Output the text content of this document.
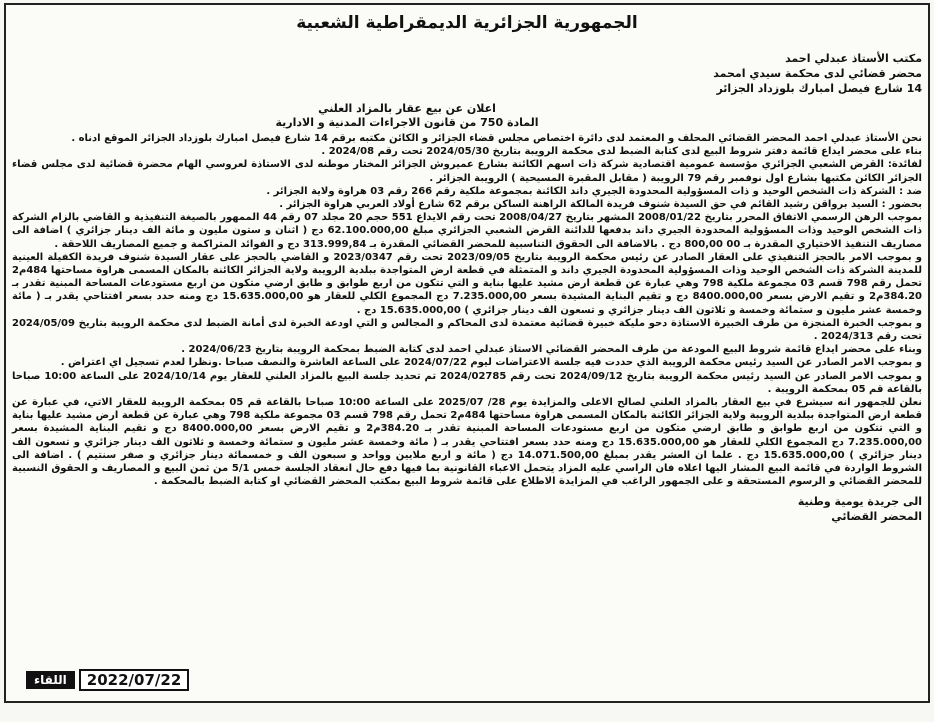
الجمهورية الجزائرية الديمقراطية الشعبية
مكتب الأستاذ عبدلي احمد
محضر قضائي لدى محكمة سيدي امحمد
14 شارع فيصل امبارك بلوزداد الجزائر
اعلان عن بيع عقار بالمزاد العلني
المادة 750 من قانون الاجراءات المدنية و الادارية

نحن الأستاذ عبدلي احمد المحضر القضائي المحلف و المعتمد لدى دائرة اختصاص مجلس قضاء الجزائر و الكائن مكتبه برقم 14 شارع فيصل امبارك بلوزداد الجزائر الموقع ادناه .

بناء على محضر ايداع قائمة دفتر شروط البيع لدى كتابة الضبط لدى محكمة الرويبة بتاريخ 2024/05/30 تحت رقم 2024/08 .

لفائدة: القرض الشعبي الجزائري مؤسسة عمومية اقتصادية شركة ذات اسهم الكائنة بشارع عميروش الجزائر المختار موطنه لدى الاستاذة لعروسي الهام محضرة قضائية لدى مجلس قضاء الجزائر الكائن مكتبها بشارع اول نوفمبر رقم 79 الرويبة ( مقابل المقبرة المسيحية ) الرويبة الجزائر .

ضد : الشركة ذات الشخص الوحيد و ذات المسؤولية المحدودة الجيري داند الكائنة بمجموعة ملكية رقم 266 رقم 03 هراوة ولاية الجزائر .

بحضور : السيد برواقن رشيد القائم في حق السيدة شنوف فريدة المالكة الراهنة الساكن برقم 62 شارع أولاد العربي هراوة الجزائر .

بموجب الرهن الرسمي الاتفاق المحرر بتاريخ 2008/01/22 المشهر بتاريخ 2008/04/27 تحت رقم الايداع 551 حجم 20 مجلد 07 رقم 44 الممهور بالصيغة التنفيذية و القاضي بالزام الشركة ذات الشخص الوحيد وذات المسؤولية المحدودة الجيري داند بدفعها للدائنة القرض الشعبي الجزائري مبلغ 62.100.000,00 دج ( اثنان و ستون مليون و مائة الف دينار جزائري ) اضافة الى مصاريف التنفيذ الاختياري المقدرة بـ 00 800,00 دج . بالاضافة الى الحقوق التناسبية للمحضر القضائي المقدرة بـ 313.999,84 دج و الفوائد المتراكمة و جميع المصاريف اللاحقة .

و بموجب الامر بالحجز التنفيذي على العقار الصادر عن رئيس محكمة الرويبة بتاريخ 2023/09/05 تحت رقم 2023/0347 و القاضي بالحجز على عقار السيدة شنوف فريدة الكفيلة العينية للمدينة الشركة ذات الشخص الوحيد وذات المسؤولية المحدودة الجيري داند و المتمثلة في قطعة ارض المتواجدة ببلدية الرويبة ولاية الجزائر الكائنة بالمكان المسمى هراوة مساحتها 484م2 تحمل رقم 798 قسم 03 مجموعة ملكية 798 وهي عبارة عن قطعة ارض مشيد عليها بناية و التي تتكون من اربع طوابق و طابق ارضي متكون من اربع مستودعات المساحة المبنية تقدر بـ 384.20م2 و تقيم الارض بسعر 8400.000,00 دج و تقيم البناية المشيدة بسعر 7.235.000,00 دج المجموع الكلي للعقار هو 15.635.000,00 دج ومنه حدد بسعر افتتاحي يقدر بـ ( مائة وخمسة عشر مليون و ستمائة وخمسة و ثلاثون الف دينار جزائري و تسعون الف دينار جزائري ) 15.635.000,00 دج .

و بموجب الخبرة المنجزة من طرف الخبيرة الاستاذة دحو مليكة خبيرة قضائية معتمدة لدى المحاكم و المجالس و التي اودعة الخبرة لدى أمانة الضبط لدى محكمة الرويبة بتاريخ 2024/05/09 تحت رقم 2024/313 .

وبناء على محضر ايداع قائمة شروط البيع المودعة من طرف المحضر القضائي الاستاذ عبدلي احمد لدى كتابة الضبط بمحكمة الرويبة بتاريخ 2024/06/23 .

و بموجب الامر الصادر عن السيد رئيس محكمة الرويبة الذي حددت فيه جلسة الاعتراضات ليوم 2024/07/22 على الساعة العاشرة والنصف صباحا .ونظرا لعدم تسجيل اي اعتراض .

و بموجب الامر الصادر عن السيد رئيس محكمة الرويبة بتاريخ 2024/09/12 تحت رقم 2024/02785 تم تحديد جلسة البيع بالمزاد العلني للعقار يوم 2024/10/14 على الساعة 10:00 صباحا بالقاعة قم 05 بمحكمة الرويبة .

نعلن للجمهور انه سيشرع في بيع العقار بالمزاد العلني لصالح الاعلى والمزايدة يوم 28/ 2025/07 على الساعة 10:00 صباحا بالقاعة قم 05 بمحكمة الرويبة للعقار الاتي، في عبارة عن قطعة ارض المتواجدة ببلدية الرويبة ولاية الجزائر الكائنة بالمكان المسمى هراوة مساحتها 484م2 تحمل رقم 798 قسم 03 مجموعة ملكية 798 وهي عبارة عن قطعة ارض مشيد عليها بناية و التي تتكون من اربع طوابق و طابق ارضي متكون من اربع مستودعات المساحة المبنية تقدر بـ 384.20م2 و تقيم الارض بسعر 8400.000,00 دج و تقيم البناية المشيدة بسعر 7.235.000,00 دج المجموع الكلي للعقار هو 15.635.000,00 دج ومنه حدد بسعر افتتاحي يقدر بـ ( مائة وخمسة عشر مليون و ستمائة وخمسة و ثلاثون الف دينار جزائري و تسعون الف دينار جزائري ) 15.635.000,00 دج . علما ان العشر يقدر بمبلغ 14.071.500,00 دج ( مائة و اربع ملايين وواحد و سبعون الف و خمسمائة دينار جزائري و صفر سنتيم ) . اضافة الى الشروط الواردة في قائمة البيع المشار اليها اعلاه فان الراسي عليه المزاد يتحمل الاعباء القانونية بما فيها دفع حال انعقاد الجلسة خمس 5/1 من ثمن البيع و المصاريف و الحقوق النسبية للمحضر القضائي و الرسوم المستحقة و على الجمهور الراغب في المزايدة الاطلاع على قائمة شروط البيع بمكتب المحضر القضائي او كتابة الضبط بالمحكمة .

الى جريدة يومية وطنية
المحضر القضائي
اللقاء	2022/07/22
